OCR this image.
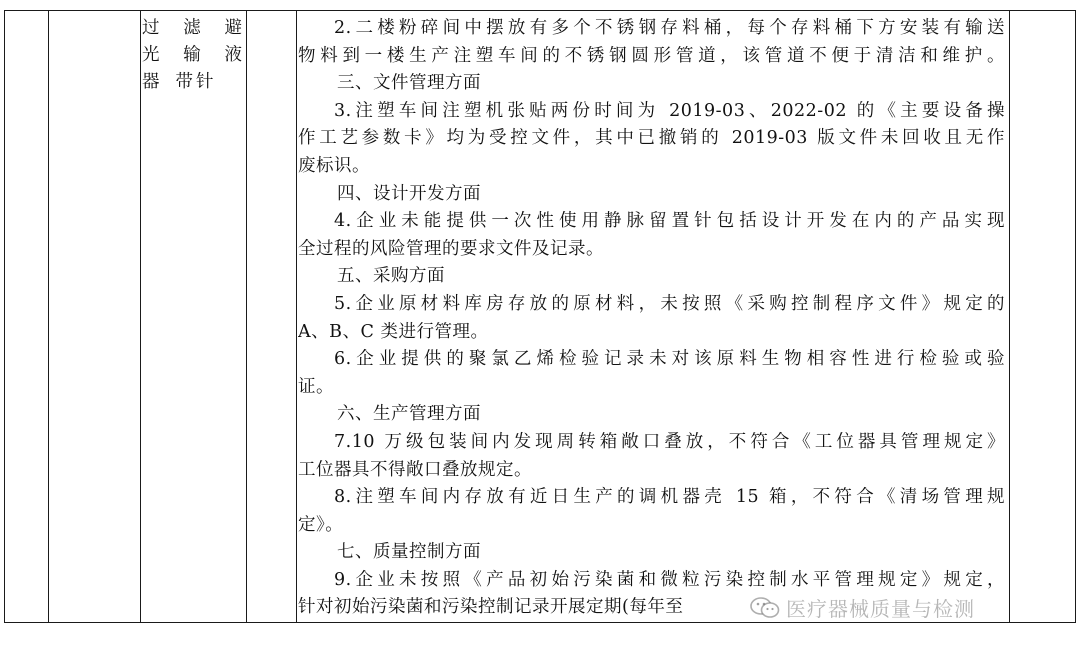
过 滤 避
光 输 液
器 带针

2.二楼粉碎间中摆放有多个不锈钢存料桶，每个存料桶下方安装有输送

物料到一楼生产注塑车间的不锈钢圆形管道，该管道不便于清洁和维护。

三、文件管理方面

3.注塑车间注塑机张贴两份时间为 2019-03、2022-02 的《主要设备操

作工艺参数卡》均为受控文件，其中已撤销的 2019-03 版文件未回收且无作

废标识。

四、设计开发方面

4.企业未能提供一次性使用静脉留置针包括设计开发在内的产品实现

全过程的风险管理的要求文件及记录。

五、采购方面

5.企业原材料库房存放的原材料，未按照《采购控制程序文件》规定的

A、B、C 类进行管理。

6.企业提供的聚氯乙烯检验记录未对该原料生物相容性进行检验或验

证。

六、生产管理方面

7.10 万级包装间内发现周转箱敞口叠放，不符合《工位器具管理规定》

工位器具不得敞口叠放规定。

8.注塑车间内存放有近日生产的调机器壳 15 箱，不符合《清场管理规

定》。

七、质量控制方面

9.企业未按照《产品初始污染菌和微粒污染控制水平管理规定》规定，

针对初始污染菌和污染控制记录开展定期(每年至

		医疗器械质量与检测
